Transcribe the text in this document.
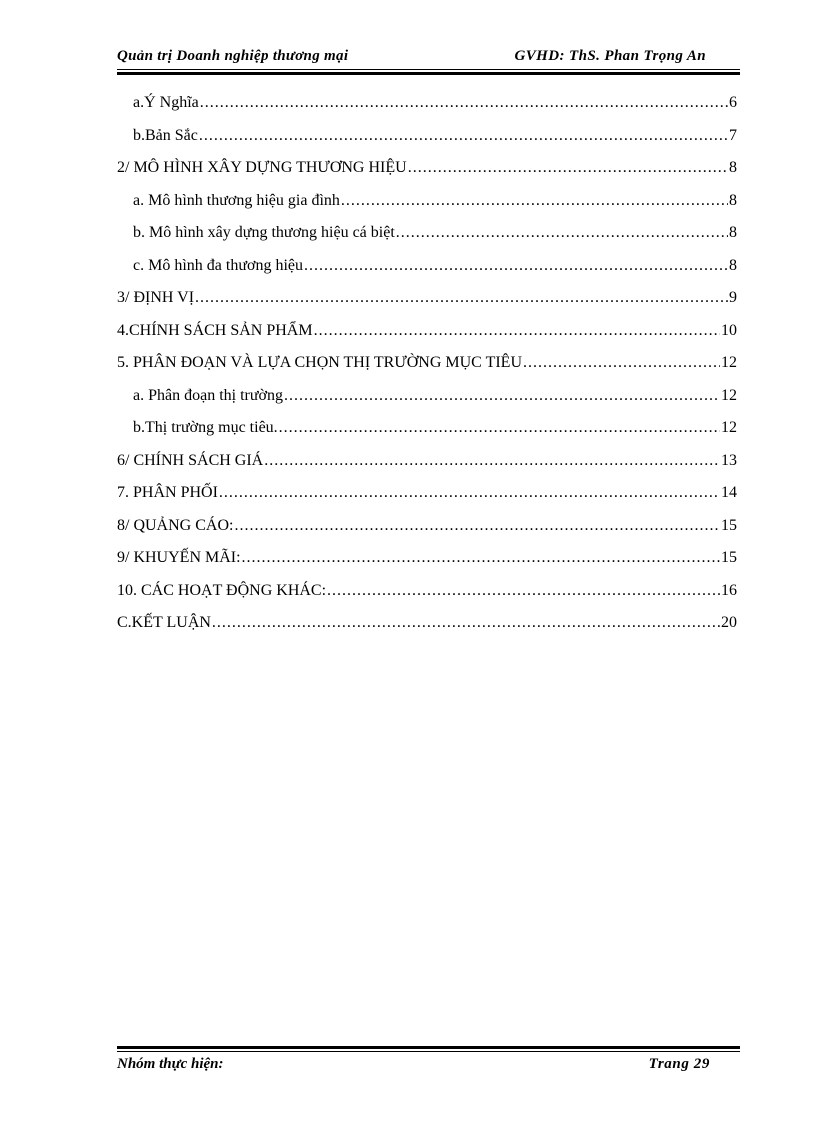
Quản trị Doanh nghiệp thương mại	GVHD: ThS. Phan Trọng An
a.Ý Nghĩa .....	6
b.Bản Sắc .....	7
2/ MÔ HÌNH XÂY DỰNG THƯƠNG HIỆU .....	8
a. Mô hình thương hiệu gia đình .....	8
b. Mô hình xây dựng thương hiệu cá biệt .....	8
c. Mô hình đa thương hiệu .....	8
3/ ĐỊNH VỊ .....	9
4.CHÍNH SÁCH SẢN PHẨM .....	10
5. PHÂN ĐOẠN VÀ LỰA CHỌN THỊ TRƯỜNG MỤC TIÊU .....	12
a. Phân đoạn thị trường .....	12
b.Thị trường mục tiêu. .....	12
6/ CHÍNH SÁCH GIÁ .....	13
7. PHÂN PHỐI .....	14
8/ QUẢNG CÁO: .....	15
9/ KHUYẾN MÃI: .....	15
10. CÁC HOẠT ĐỘNG KHÁC: .....	16
C.KẾT LUẬN .....	20
Nhóm thực hiện:	Trang 29
